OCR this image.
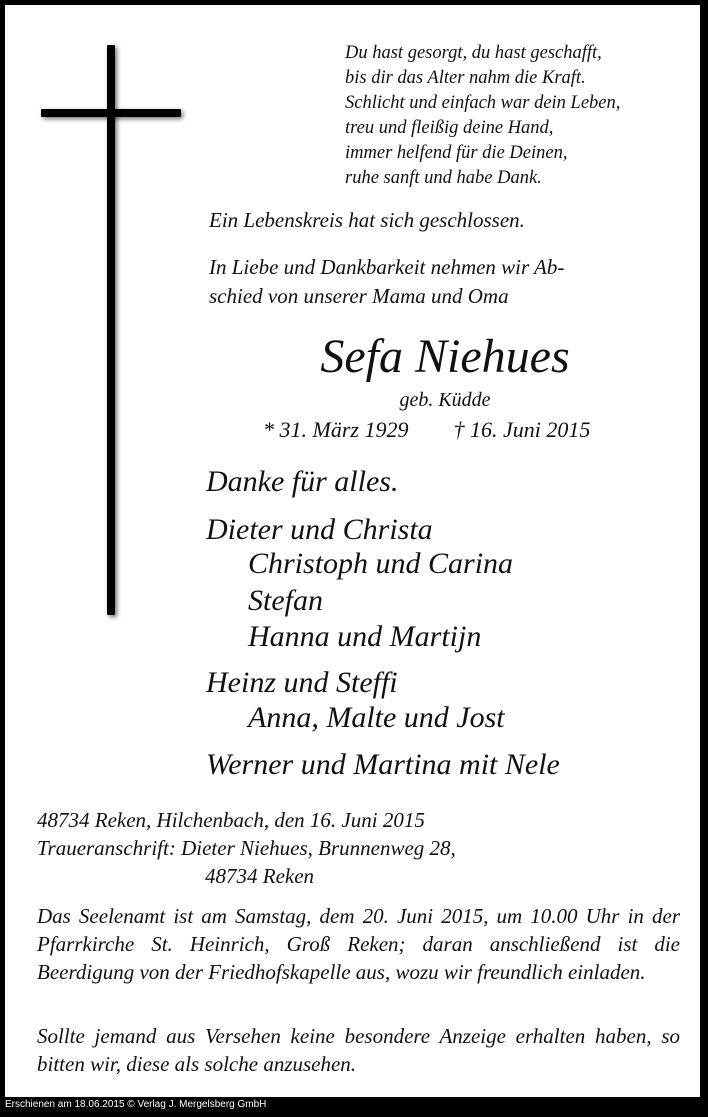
Du hast gesorgt, du hast geschafft,
bis dir das Alter nahm die Kraft.
Schlicht und einfach war dein Leben,
treu und fleißig deine Hand,
immer helfend für die Deinen,
ruhe sanft und habe Dank.
Ein Lebenskreis hat sich geschlossen.
In Liebe und Dankbarkeit nehmen wir Ab-
schied von unserer Mama und Oma
Sefa Niehues
geb. Küdde
* 31. März 1929 † 16. Juni 2015
Danke für alles.
Dieter und Christa
Christoph und Carina
Stefan
Hanna und Martijn
Heinz und Steffi
Anna, Malte und Jost
Werner und Martina mit Nele
48734 Reken, Hilchenbach, den 16. Juni 2015
Traueranschrift: Dieter Niehues, Brunnenweg 28,
48734 Reken
Das Seelenamt ist am Samstag, dem 20. Juni 2015, um 10.00 Uhr in der Pfarrkirche St. Heinrich, Groß Reken; daran anschließend ist die Beerdigung von der Friedhofskapelle aus, wozu wir freundlich einladen.
Sollte jemand aus Versehen keine besondere Anzeige erhalten haben, so bitten wir, diese als solche anzusehen.
Erschienen am 18.06.2015 © Verlag J. Mergelsberg GmbH
